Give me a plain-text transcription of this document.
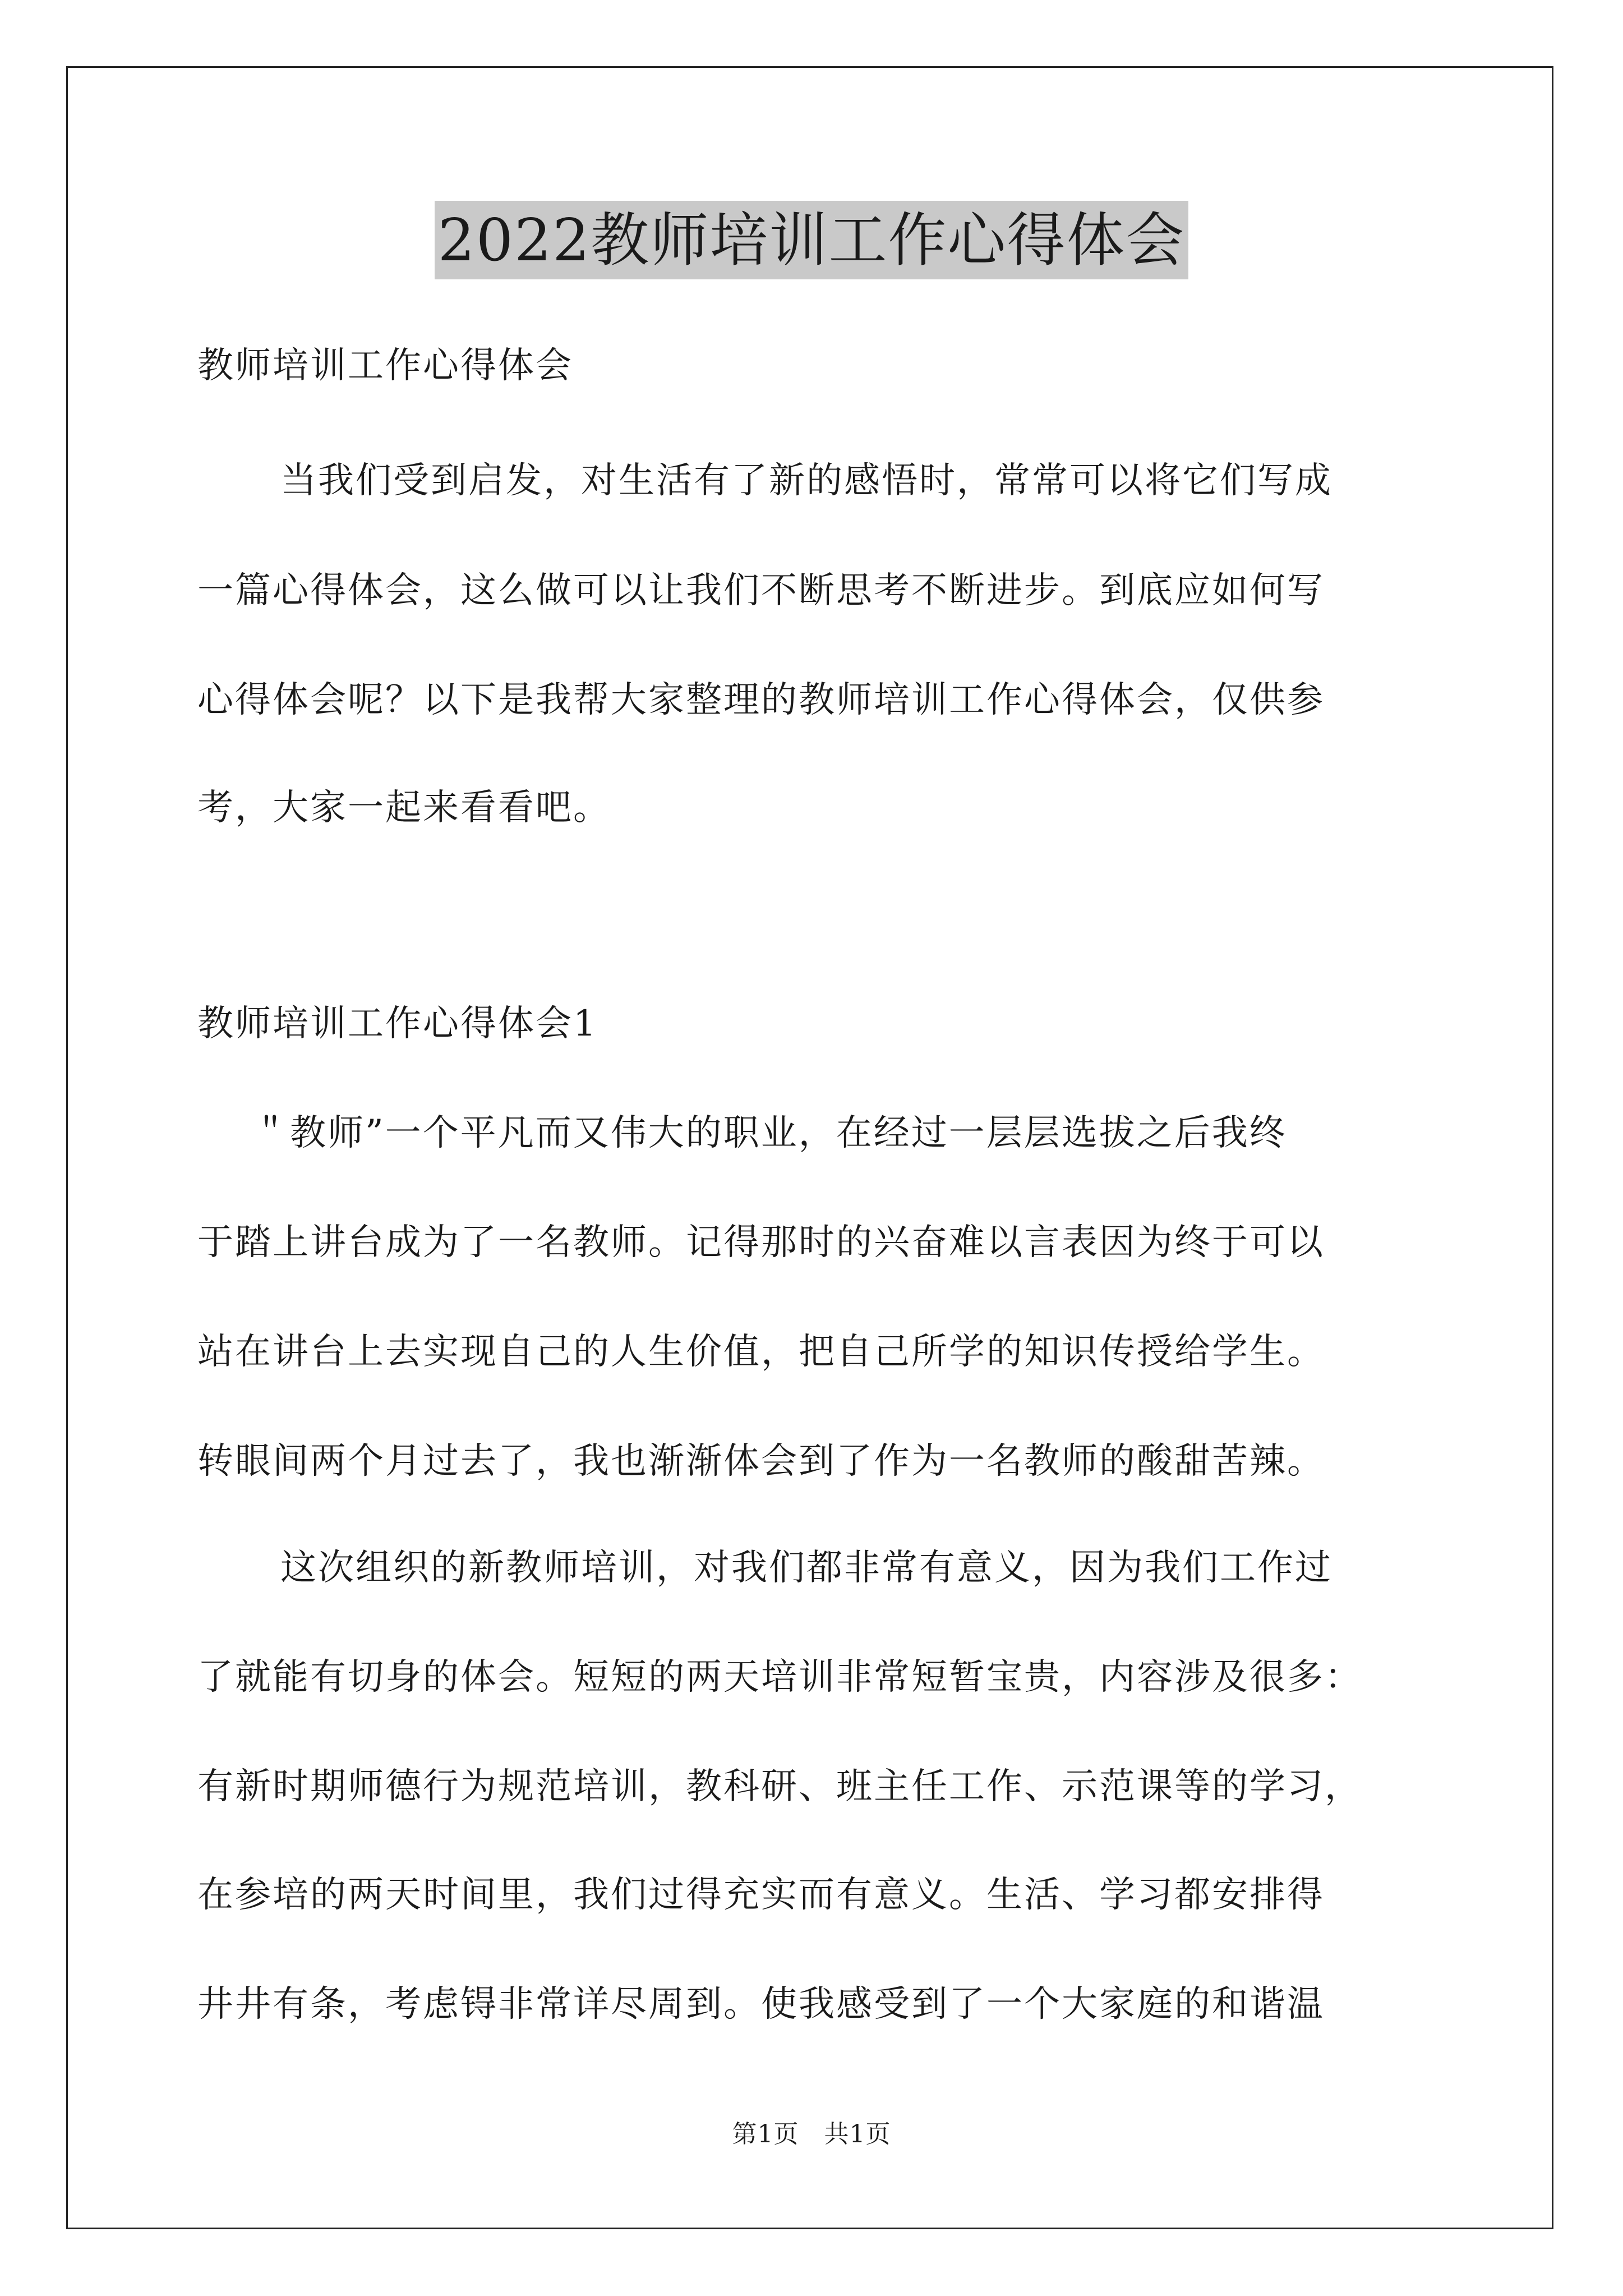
2022教师培训工作心得体会
教师培训工作心得体会
当我们受到启发，对生活有了新的感悟时，常常可以将它们写成
一篇心得体会，这么做可以让我们不断思考不断进步。到底应如何写
心得体会呢？以下是我帮大家整理的教师培训工作心得体会，仅供参
考，大家一起来看看吧。
教师培训工作心得体会1
＂教师”一个平凡而又伟大的职业，在经过一层层选拔之后我终
于踏上讲台成为了一名教师。记得那时的兴奋难以言表因为终于可以
站在讲台上去实现自己的人生价值，把自己所学的知识传授给学生。
转眼间两个月过去了，我也渐渐体会到了作为一名教师的酸甜苦辣。
这次组织的新教师培训，对我们都非常有意义，因为我们工作过
了就能有切身的体会。短短的两天培训非常短暂宝贵，内容涉及很多：
有新时期师德行为规范培训，教科研、班主任工作、示范课等的学习，
在参培的两天时间里，我们过得充实而有意义。生活、学习都安排得
井井有条，考虑锝非常详尽周到。使我感受到了一个大家庭的和谐温
第1页　共1页
